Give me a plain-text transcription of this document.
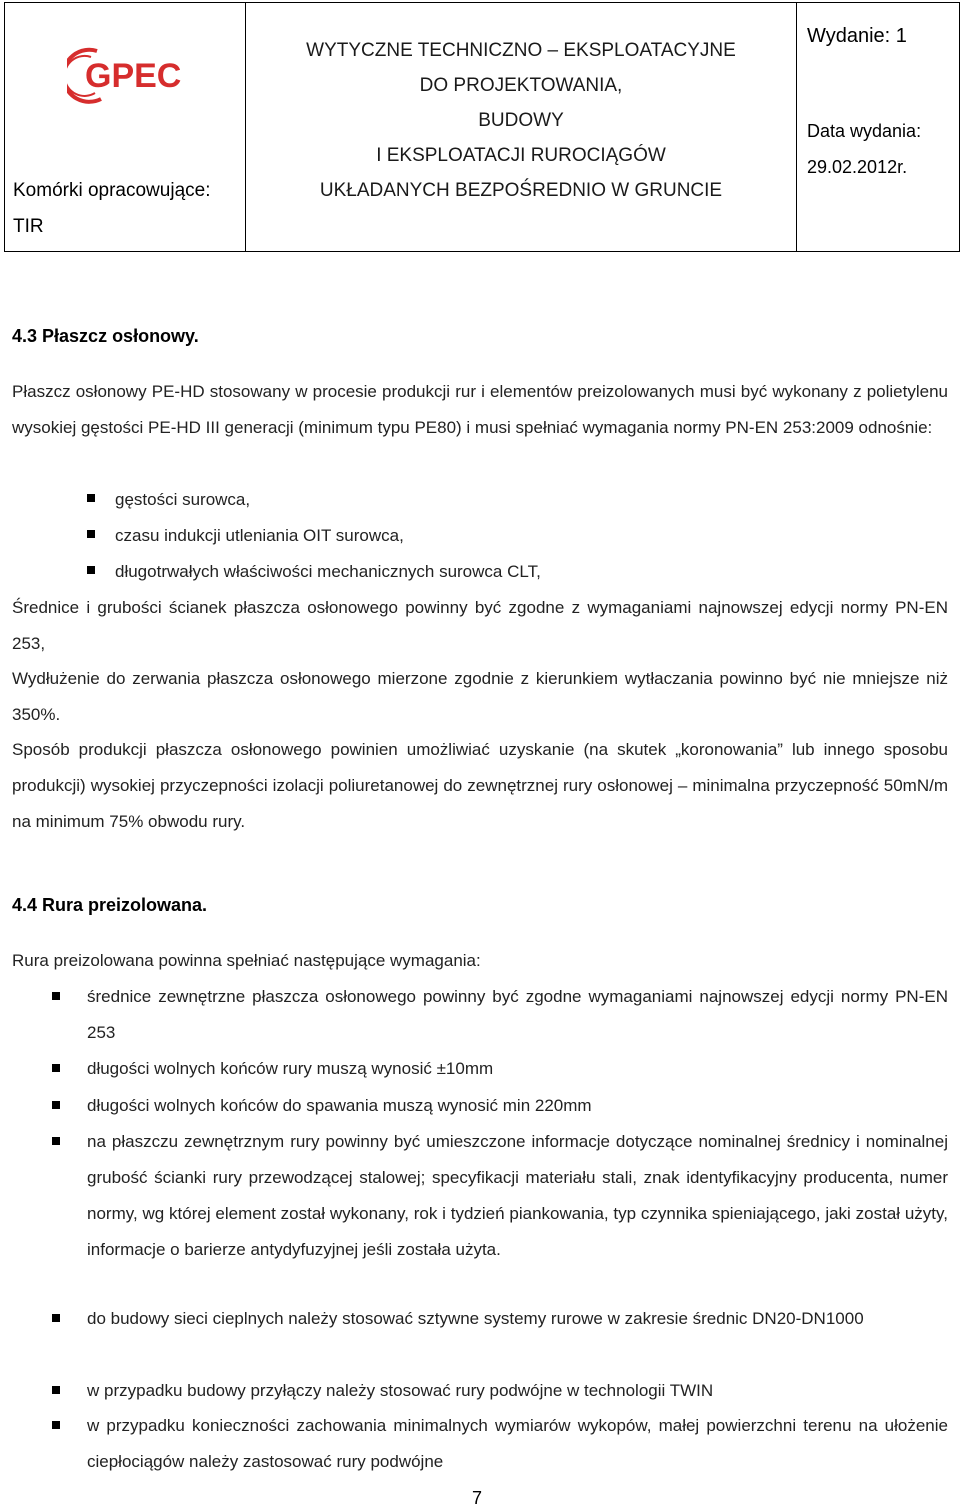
GPEC
Komórki opracowujące:
TIR

WYTYCZNE TECHNICZNO – EKSPLOATACYJNE
DO PROJEKTOWANIA,
BUDOWY
I EKSPLOATACJI RUROCIĄGÓW
UKŁADANYCH BEZPOŚREDNIO W GRUNCIE

Wydanie: 1
Data wydania:
29.02.2012r.
4.3 Płaszcz osłonowy.
Płaszcz osłonowy PE-HD stosowany w procesie produkcji rur i elementów preizolowanych musi być wykonany z polietylenu wysokiej gęstości PE-HD III generacji (minimum typu PE80) i musi spełniać wymagania normy PN-EN 253:2009 odnośnie:
gęstości surowca,
czasu indukcji utleniania OIT surowca,
długotrwałych właściwości mechanicznych surowca CLT,
Średnice i grubości ścianek płaszcza osłonowego powinny być zgodne z wymaganiami najnowszej edycji normy PN-EN 253,
Wydłużenie do zerwania płaszcza osłonowego mierzone zgodnie z kierunkiem wytłaczania powinno być nie mniejsze niż 350%.
Sposób produkcji płaszcza osłonowego powinien umożliwiać uzyskanie (na skutek „koronowania” lub innego sposobu produkcji) wysokiej przyczepności izolacji poliuretanowej do zewnętrznej rury osłonowej – minimalna przyczepność 50mN/m na minimum 75% obwodu rury.
4.4 Rura preizolowana.
Rura preizolowana powinna spełniać następujące wymagania:
średnice zewnętrzne płaszcza osłonowego powinny być zgodne wymaganiami najnowszej edycji normy PN-EN 253
długości wolnych końców rury muszą wynosić ±10mm
długości wolnych końców do spawania muszą wynosić min 220mm
na płaszczu zewnętrznym rury powinny być umieszczone informacje dotyczące nominalnej średnicy i nominalnej grubość ścianki rury przewodzącej stalowej; specyfikacji materiału stali, znak identyfikacyjny producenta, numer normy, wg której element został wykonany, rok i tydzień piankowania, typ czynnika spieniającego, jaki został użyty, informacje o barierze antydyfuzyjnej jeśli została użyta.
do budowy sieci cieplnych należy stosować sztywne systemy rurowe w zakresie średnic DN20-DN1000
w przypadku budowy przyłączy należy stosować rury podwójne w technologii TWIN
w przypadku konieczności zachowania minimalnych wymiarów wykopów, małej powierzchni terenu na ułożenie ciepłociągów należy zastosować rury podwójne
7
